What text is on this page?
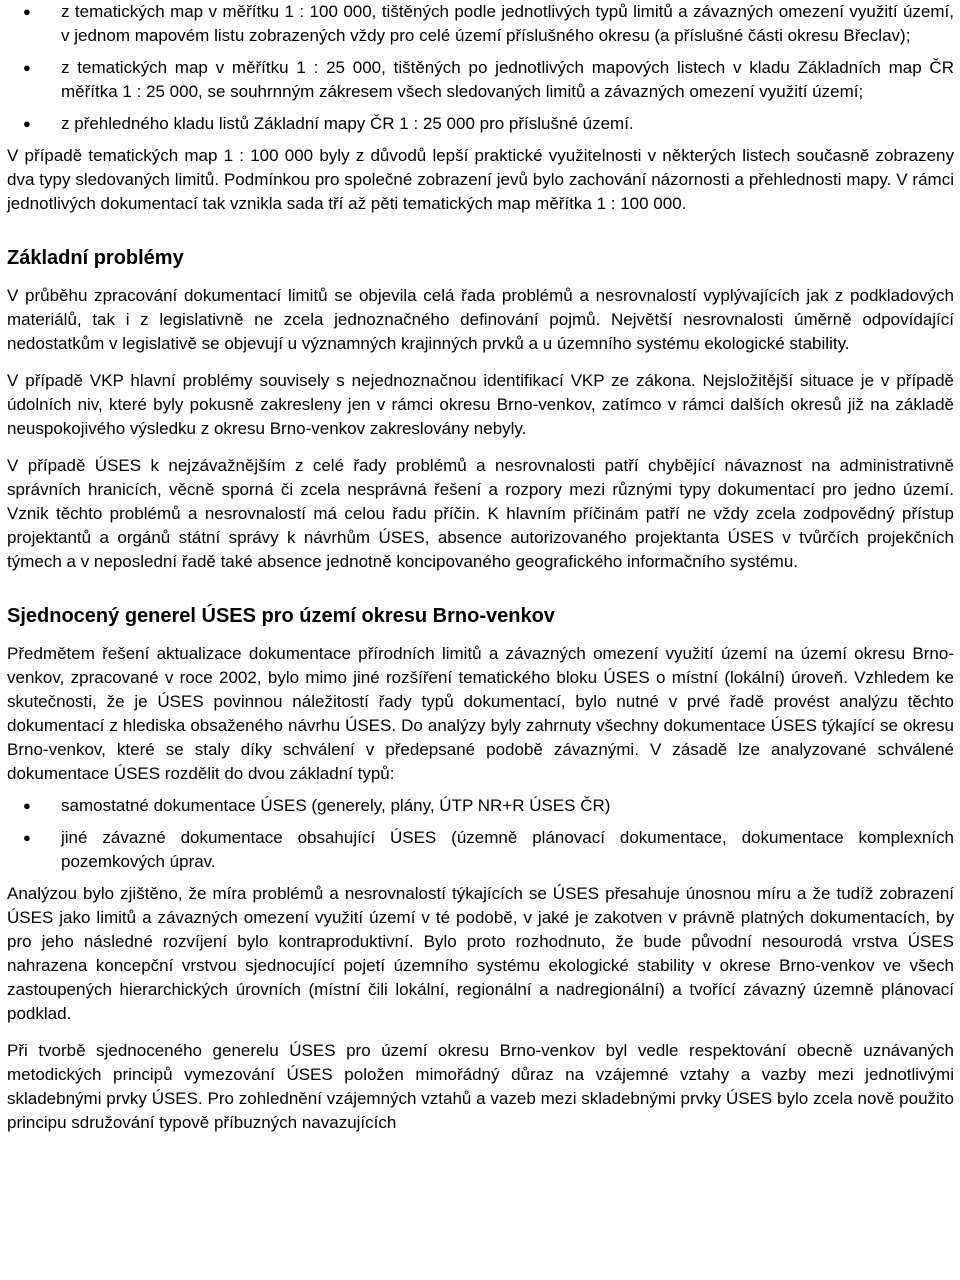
● z tematických map v měřítku 1 : 100 000, tištěných podle jednotlivých typů limitů a závazných omezení využití území, v jednom mapovém listu zobrazených vždy pro celé území příslušného okresu (a příslušné části okresu Břeclav);
● z tematických map v měřítku 1 : 25 000, tištěných po jednotlivých mapových listech v kladu Základních map ČR měřítka 1 : 25 000, se souhrnným zákresem všech sledovaných limitů a závazných omezení využití území;
● z přehledného kladu listů Základní mapy ČR 1 : 25 000 pro příslušné území.

V případě tematických map 1 : 100 000 byly z důvodů lepší praktické využitelnosti v některých listech současně zobrazeny dva typy sledovaných limitů. Podmínkou pro společné zobrazení jevů bylo zachování názornosti a přehlednosti mapy. V rámci jednotlivých dokumentací tak vznikla sada tří až pěti tematických map měřítka 1 : 100 000.

Základní problémy

V průběhu zpracování dokumentací limitů se objevila celá řada problémů a nesrovnalostí vyplývajících jak z podkladových materiálů, tak i z legislativně ne zcela jednoznačného definování pojmů. Největší nesrovnalosti úměrně odpovídající nedostatkům v legislativě se objevují u významných krajinných prvků a u územního systému ekologické stability.

V případě VKP hlavní problémy souvisely s nejednoznačnou identifikací VKP ze zákona. Nejsložitější situace je v případě údolních niv, které byly pokusně zakresleny jen v rámci okresu Brno-venkov, zatímco v rámci dalších okresů již na základě neuspokojivého výsledku z okresu Brno-venkov zakreslovány nebyly.

V případě ÚSES k nejzávažnějším z celé řady problémů a nesrovnalosti patří chybějící návaznost na administrativně správních hranicích, věcně sporná či zcela nesprávná řešení a rozpory mezi různými typy dokumentací pro jedno území. Vznik těchto problémů a nesrovnalostí má celou řadu příčin. K hlavním příčinám patří ne vždy zcela zodpovědný přístup projektantů a orgánů státní správy k návrhům ÚSES, absence autorizovaného projektanta ÚSES v tvůrčích projekčních týmech a v neposlední řadě také absence jednotně koncipovaného geografického informačního systému.

Sjednocený generel ÚSES pro území okresu Brno-venkov

Předmětem řešení aktualizace dokumentace přírodních limitů a závazných omezení využití území na území okresu Brno-venkov, zpracované v roce 2002, bylo mimo jiné rozšíření tematického bloku ÚSES o místní (lokální) úroveň. Vzhledem ke skutečnosti, že je ÚSES povinnou náležitostí řady typů dokumentací, bylo nutné v prvé řadě provést analýzu těchto dokumentací z hlediska obsaženého návrhu ÚSES. Do analýzy byly zahrnuty všechny dokumentace ÚSES týkající se okresu Brno-venkov, které se staly díky schválení v předepsané podobě závaznými. V zásadě lze analyzované schválené dokumentace ÚSES rozdělit do dvou základní typů:

● samostatné dokumentace ÚSES (generely, plány, ÚTP NR+R ÚSES ČR)
● jiné závazné dokumentace obsahující ÚSES (územně plánovací dokumentace, dokumentace komplexních pozemkových úprav.

Analýzou bylo zjištěno, že míra problémů a nesrovnalostí týkajících se ÚSES přesahuje únosnou míru a že tudíž zobrazení ÚSES jako limitů a závazných omezení využití území v té podobě, v jaké je zakotven v právně platných dokumentacích, by pro jeho následné rozvíjení bylo kontraproduktivní. Bylo proto rozhodnuto, že bude původní nesourodá vrstva ÚSES nahrazena koncepční vrstvou sjednocující pojetí územního systému ekologické stability v okrese Brno-venkov ve všech zastoupených hierarchických úrovních (místní čili lokální, regionální a nadregionální) a tvořící závazný územně plánovací podklad.

Při tvorbě sjednoceného generelu ÚSES pro území okresu Brno-venkov byl vedle respektování obecně uznávaných metodických principů vymezování ÚSES položen mimořádný důraz na vzájemné vztahy a vazby mezi jednotlivými skladebnými prvky ÚSES. Pro zohlednění vzájemných vztahů a vazeb mezi skladebnými prvky ÚSES bylo zcela nově použito principu sdružování typově příbuzných navazujících
